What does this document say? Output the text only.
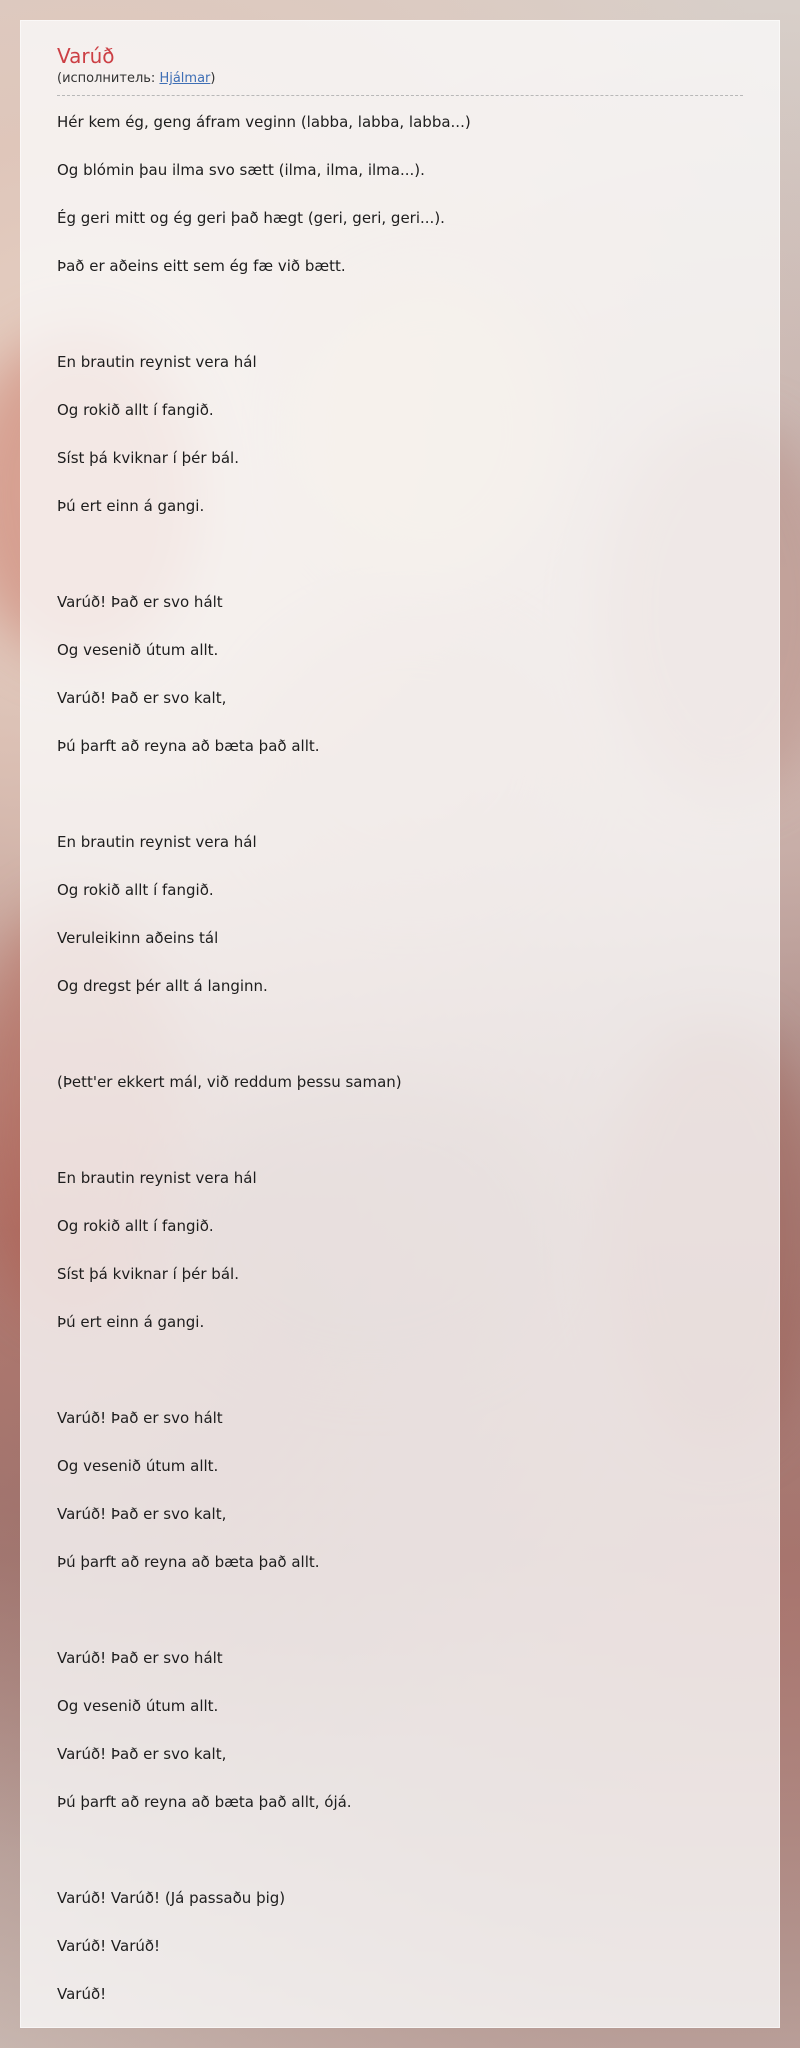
Varúð
(исполнитель: Hjálmar)

Hér kem ég, geng áfram veginn (labba, labba, labba...)

Og blómin þau ilma svo sætt (ilma, ilma, ilma...).

Ég geri mitt og ég geri það hægt (geri, geri, geri...).

Það er aðeins eitt sem ég fæ við bætt.

En brautin reynist vera hál

Og rokið allt í fangið.

Síst þá kviknar í þér bál.

Þú ert einn á gangi.

Varúð! Það er svo hált

Og vesenið útum allt.

Varúð! Það er svo kalt,

Þú þarft að reyna að bæta það allt.

En brautin reynist vera hál

Og rokið allt í fangið.

Veruleikinn aðeins tál

Og dregst þér allt á langinn.

(Þett'er ekkert mál, við reddum þessu saman)

En brautin reynist vera hál

Og rokið allt í fangið.

Síst þá kviknar í þér bál.

Þú ert einn á gangi.

Varúð! Það er svo hált

Og vesenið útum allt.

Varúð! Það er svo kalt,

Þú þarft að reyna að bæta það allt.

Varúð! Það er svo hált

Og vesenið útum allt.

Varúð! Það er svo kalt,

Þú þarft að reyna að bæta það allt, ójá.

Varúð! Varúð! (Já passaðu þig)

Varúð! Varúð!

Varúð!
